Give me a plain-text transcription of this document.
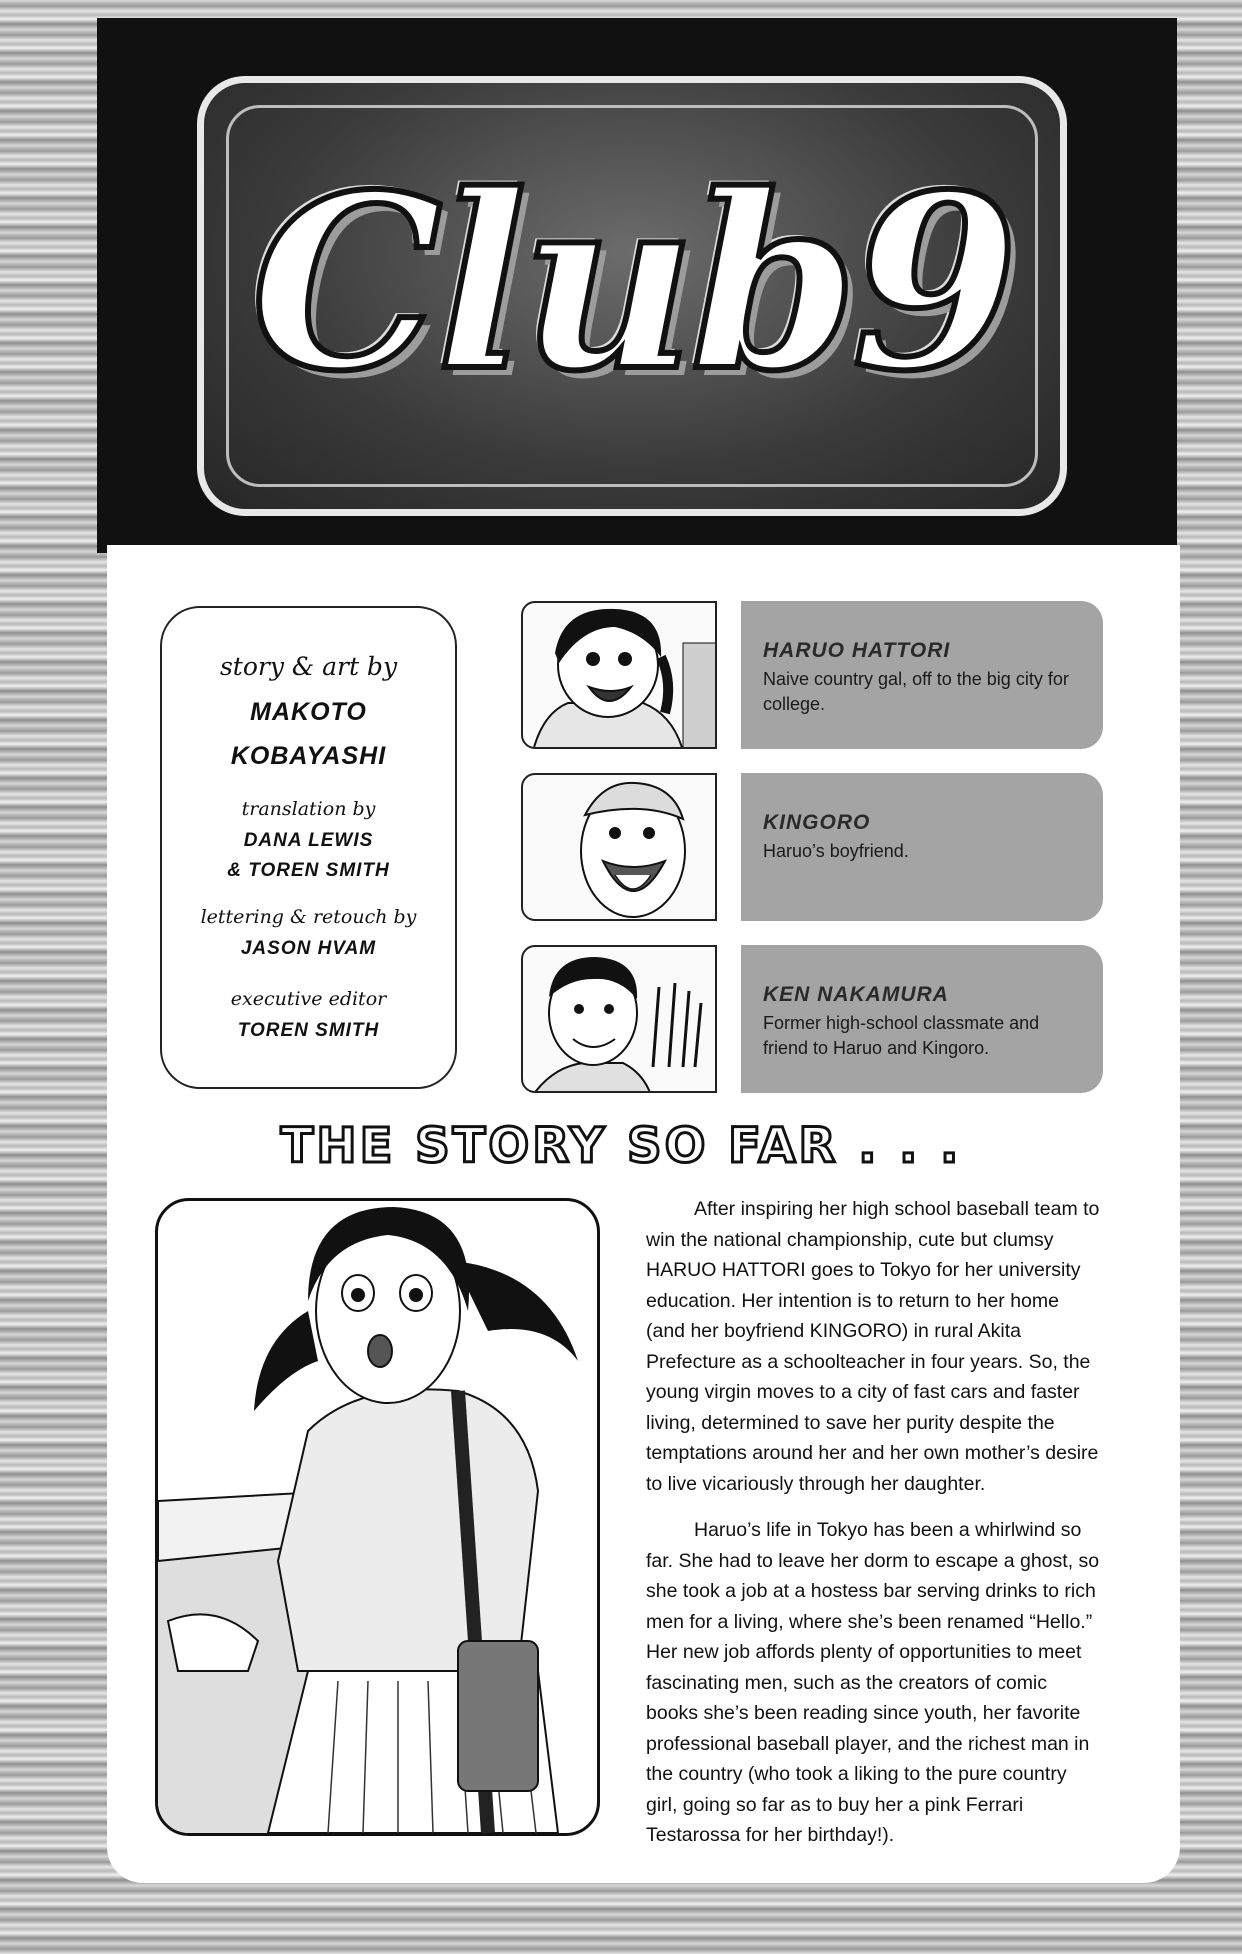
Club9
story & art by
MAKOTO
KOBAYASHI
translation by
DANA LEWIS
& TOREN SMITH
lettering & retouch by
JASON HVAM
executive editor
TOREN SMITH
HARUO HATTORI
Naive country gal, off to the big city for college.
KINGORO
Haruo’s boyfriend.
KEN NAKAMURA
Former high-school classmate and friend to Haruo and Kingoro.
THE STORY SO FAR . . .

After inspiring her high school baseball team to win the national championship, cute but clumsy HARUO HATTORI goes to Tokyo for her university education. Her intention is to return to her home (and her boyfriend KINGORO) in rural Akita Prefecture as a schoolteacher in four years. So, the young virgin moves to a city of fast cars and faster living, determined to save her purity despite the temptations around her and her own mother’s desire to live vicariously through her daughter.

Haruo’s life in Tokyo has been a whirlwind so far. She had to leave her dorm to escape a ghost, so she took a job at a hostess bar serving drinks to rich men for a living, where she’s been renamed “Hello.” Her new job affords plenty of opportunities to meet fascinating men, such as the creators of comic books she’s been reading since youth, her favorite professional baseball player, and the richest man in the country (who took a liking to the pure country girl, going so far as to buy her a pink Ferrari Testarossa for her birthday!).
